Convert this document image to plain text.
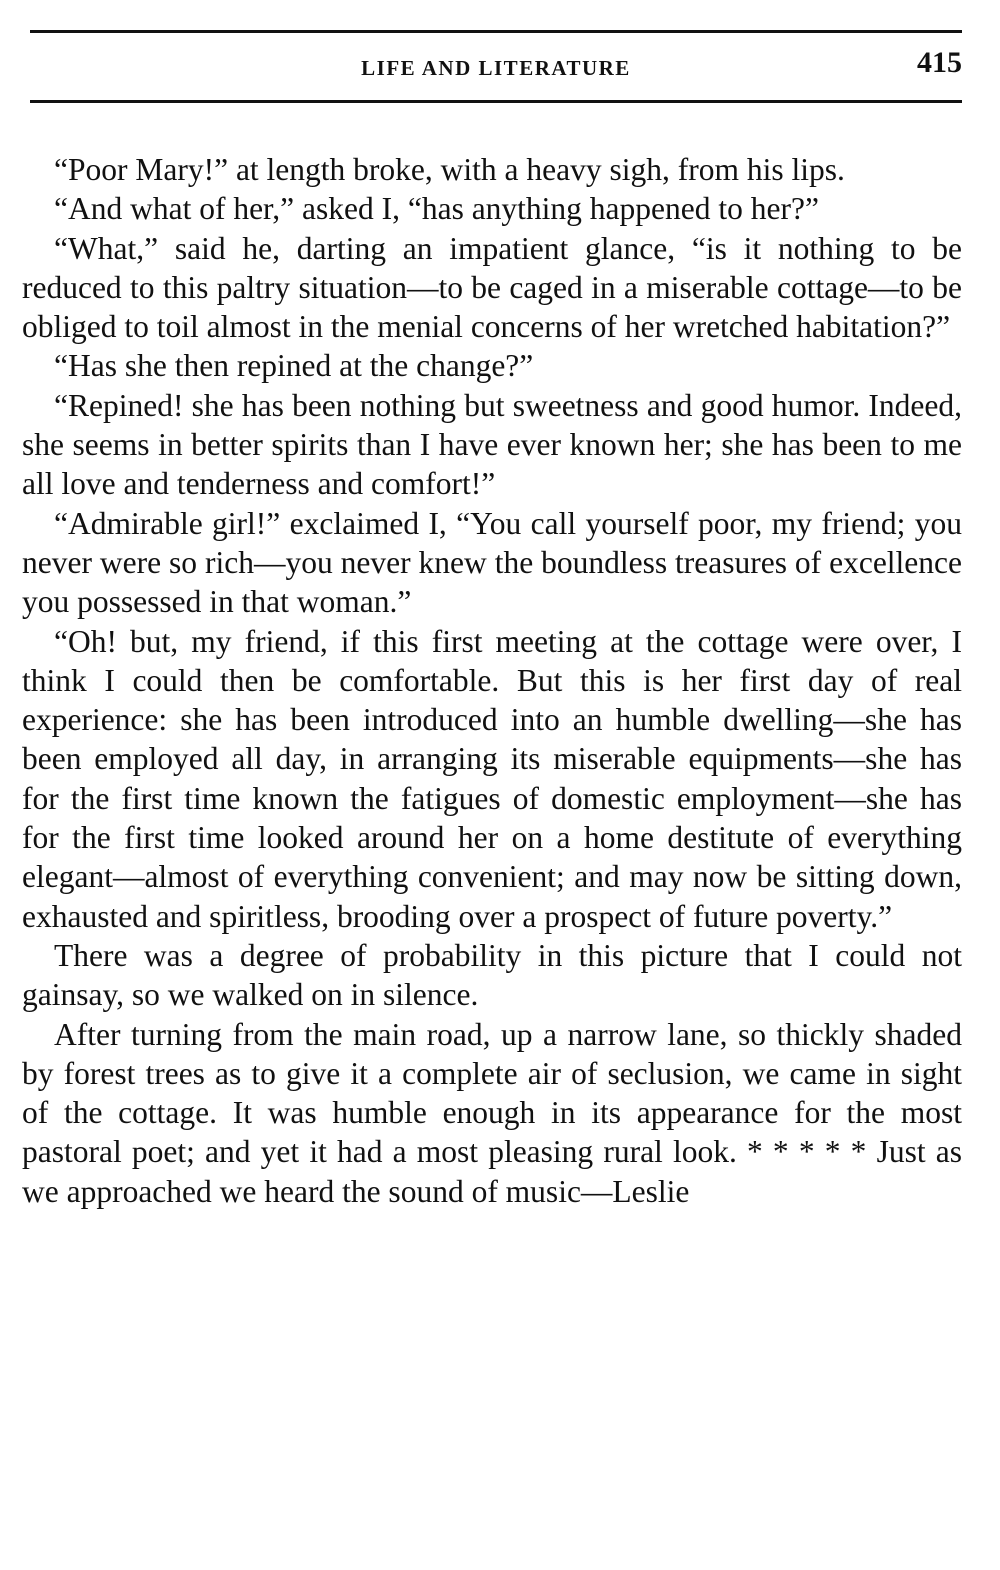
LIFE AND LITERATURE	415

“Poor Mary!” at length broke, with a heavy sigh, from his lips.

“And what of her,” asked I, “has anything happened to her?”

“What,” said he, darting an impatient glance, “is it nothing to be reduced to this paltry situation—to be caged in a miserable cottage—to be obliged to toil almost in the menial concerns of her wretched habitation?”

“Has she then repined at the change?”

“Repined! she has been nothing but sweetness and good humor. Indeed, she seems in better spirits than I have ever known her; she has been to me all love and tenderness and comfort!”

“Admirable girl!” exclaimed I, “You call yourself poor, my friend; you never were so rich—you never knew the boundless treasures of excellence you possessed in that woman.”

“Oh! but, my friend, if this first meeting at the cottage were over, I think I could then be comfortable. But this is her first day of real experience: she has been introduced into an humble dwelling—she has been employed all day, in arranging its miserable equipments—she has for the first time known the fatigues of domestic employment—she has for the first time looked around her on a home destitute of everything elegant—almost of everything convenient; and may now be sitting down, exhausted and spiritless, brooding over a prospect of future poverty.”

There was a degree of probability in this picture that I could not gainsay, so we walked on in silence.

After turning from the main road, up a narrow lane, so thickly shaded by forest trees as to give it a complete air of seclusion, we came in sight of the cottage. It was humble enough in its appearance for the most pastoral poet; and yet it had a most pleasing rural look. * * * * * Just as we approached we heard the sound of music—Leslie
